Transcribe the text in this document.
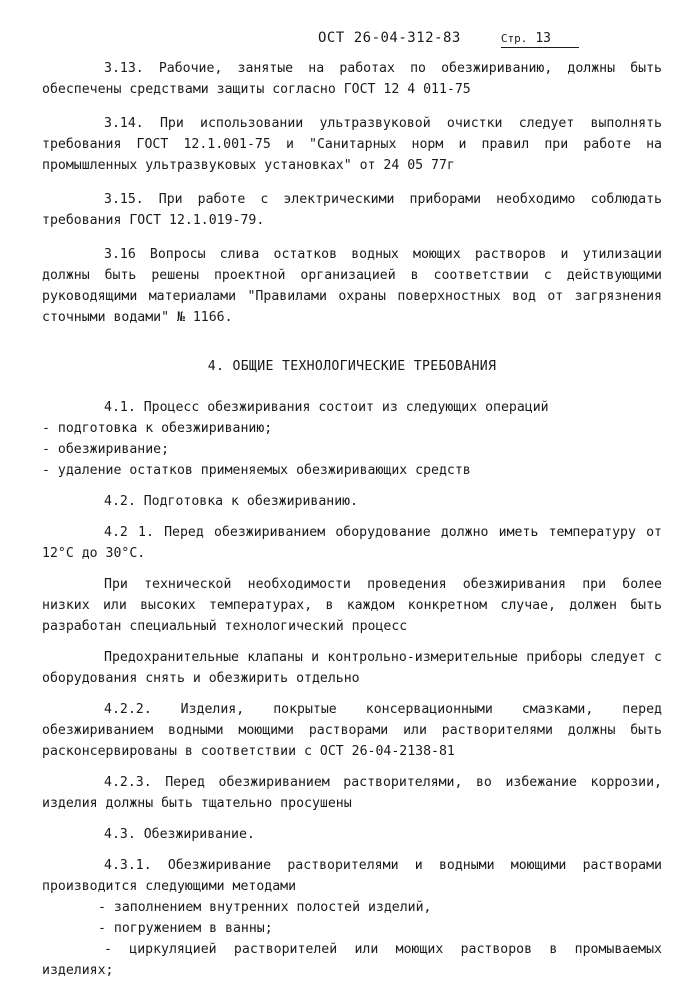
ОСТ 26-04-312-83	Стр. 13

3.13. Рабочие, занятые на работах по обезжириванию, должны быть обеспечены средствами защиты согласно ГОСТ 12 4 011-75

3.14. При использовании ультразвуковой очистки следует выполнять требования ГОСТ 12.1.001-75 и "Санитарных норм и правил при работе на промышленных ультразвуковых установках" от 24 05 77г

3.15. При работе с электрическими приборами необходимо соблюдать требования ГОСТ 12.1.019-79.

3.16 Вопросы слива остатков водных моющих растворов и утилизации должны быть решены проектной организацией в соответствии с действующими руководящими материалами "Правилами охраны поверхностных вод от загрязнения сточными водами" № 1166.

4. ОБЩИЕ ТЕХНОЛОГИЧЕСКИЕ ТРЕБОВАНИЯ

4.1. Процесс обезжиривания состоит из следующих операций

- подготовка к обезжириванию;

- обезжиривание;

- удаление остатков применяемых обезжиривающих средств

4.2. Подготовка к обезжириванию.

4.2 1. Перед обезжириванием оборудование должно иметь температуру от 12°С до 30°С.

При технической необходимости проведения обезжиривания при более низких или высоких температурах, в каждом конкретном случае, должен быть разработан специальный технологический процесс

Предохранительные клапаны и контрольно-измерительные приборы следует с оборудования снять и обезжирить отдельно

4.2.2. Изделия, покрытые консервационными смазками, перед обезжириванием водными моющими растворами или растворителями должны быть расконсервированы в соответствии с ОСТ 26-04-2138-81

4.2.3. Перед обезжириванием растворителями, во избежание коррозии, изделия должны быть тщательно просушены

4.3. Обезжиривание.

4.3.1. Обезжиривание растворителями и водными моющими растворами производится следующими методами

- заполнением внутренних полостей изделий,

- погружением в ванны;

- циркуляцией растворителей или моющих растворов в промываемых изделиях;
